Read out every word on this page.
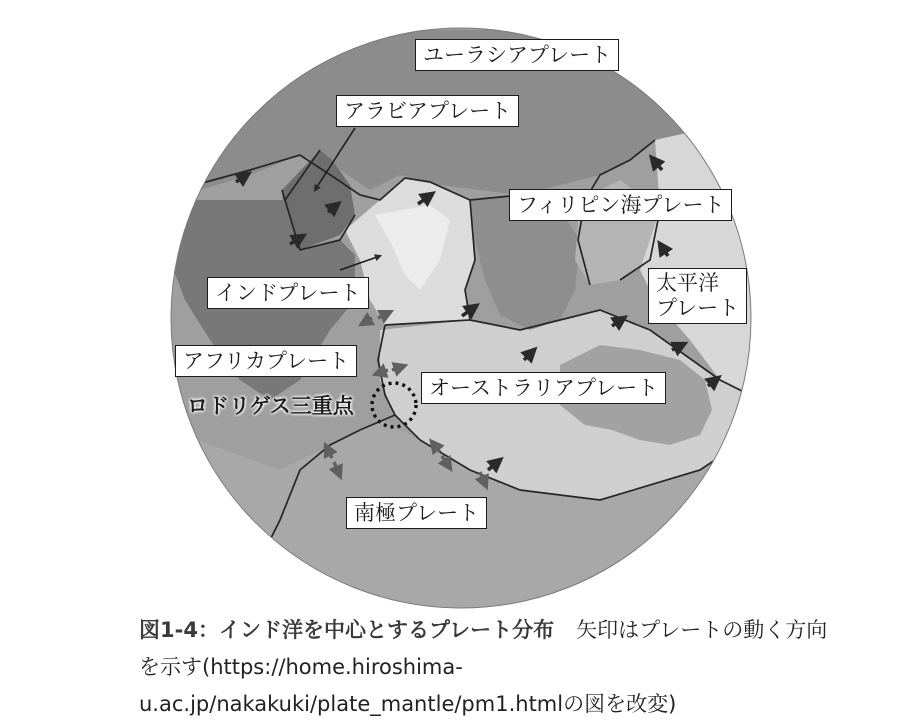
ユーラシアプレート
アラビアプレート
フィリピン海プレート
太平洋
プレート
インドプレート
アフリカプレート
オーストラリアプレート
南極プレート
ロドリゲス三重点
図1-4：インド洋を中心とするプレート分布 矢印はプレートの動く方向を示す(https://home.hiroshima-u.ac.jp/nakakuki/plate_mantle/pm1.htmlの図を改変)
